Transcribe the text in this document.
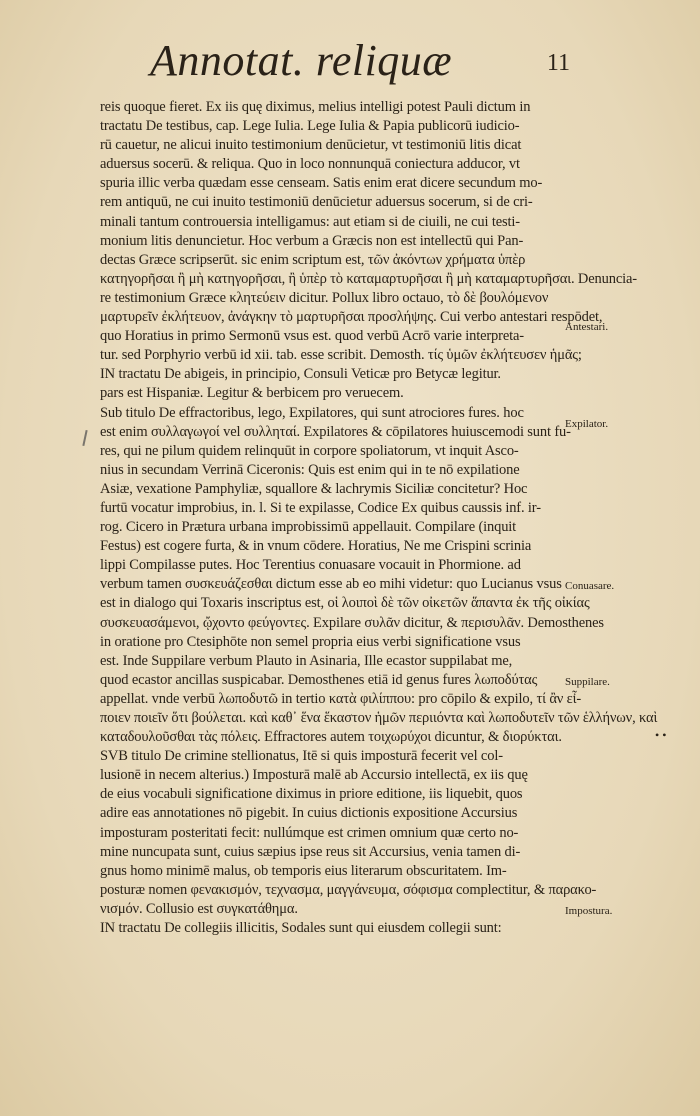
Annotat. reliquæ	11
reis quoque fieret. Ex iis quę diximus, melius intelligi potest Pauli dictum in
tractatu De testibus, cap. Lege Iulia. Lege Iulia & Papia publicorū iudicio-
rū cauetur, ne alicui inuito testimonium denūcietur, vt testimoniū litis dicat
aduersus socerū. & reliqua. Quo in loco nonnunquā coniectura adducor, vt
spuria illic verba quædam esse censeam. Satis enim erat dicere secundum mo-
rem antiquū, ne cui inuito testimoniū denūcietur aduersus socerum, si de cri-
minali tantum controuersia intelligamus: aut etiam si de ciuili, ne cui testi-
monium litis denuncietur. Hoc verbum a Græcis non est intellectū qui Pan-
dectas Græce scripserūt. sic enim scriptum est, τῶν ἀκόντων χρήματα ὑπὲρ
κατηγορῆσαι ἢ μὴ κατηγορῆσαι, ἢ ὑπὲρ τὸ καταμαρτυρῆσαι ἢ μὴ καταμαρτυρῆσαι. Denuncia-
re testimonium Græce κλητεύειν dicitur. Pollux libro octauo, τὸ δὲ βουλόμενον
μαρτυρεῖν ἐκλήτευον, ἀνάγκην τὸ μαρτυρῆσαι προσλήψης. Cui verbo antestari respōdet,
quo Horatius in primo Sermonū vsus est. quod verbū Acrō varie interpreta-
tur. sed Porphyrio verbū id xii. tab. esse scribit. Demosth. τίς ὑμῶν ἐκλήτευσεν ἡμᾶς;
IN tractatu De abigeis, in principio, Consuli Veticæ pro Betycæ legitur.
pars est Hispaniæ. Legitur & berbicem pro veruecem.
Sub titulo De effractoribus, lego, Expilatores, qui sunt atrociores fures. hoc
est enim συλλαγωγοί vel συλληταί. Expilatores & cōpilatores huiuscemodi sunt fu-
res, qui ne pilum quidem relinquūt in corpore spoliatorum, vt inquit Asco-
nius in secundam Verrinā Ciceronis: Quis est enim qui in te nō expilatione
Asiæ, vexatione Pamphyliæ, squallore & lachrymis Siciliæ concitetur? Hoc
furtū vocatur improbius, in. l. Si te expilasse, Codice Ex quibus caussis inf. ir-
rog. Cicero in Prætura urbana improbissimū appellauit. Compilare (inquit
Festus) est cogere furta, & in vnum cōdere. Horatius, Ne me Crispini scrinia
lippi Compilasse putes. Hoc Terentius conuasare vocauit in Phormione. ad
verbum tamen συσκευάζεσθαι dictum esse ab eo mihi videtur: quo Lucianus vsus
est in dialogo qui Toxaris inscriptus est, οἱ λοιποὶ δὲ τῶν οἰκετῶν ἅπαντα ἐκ τῆς οἰκίας
συσκευασάμενοι, ᾤχοντο φεύγοντες. Expilare συλᾶν dicitur, & περισυλᾶν. Demosthenes
in oratione pro Ctesiphōte non semel propria eius verbi significatione vsus
est. Inde Suppilare verbum Plauto in Asinaria, Ille ecastor suppilabat me,
quod ecastor ancillas suspicabar. Demosthenes etiā id genus fures λωποδύτας
appellat. vnde verbū λωποδυτῶ in tertio κατὰ φιλίππου: pro cōpilo & expilo, τί ἂν εἶ-
ποιεν ποιεῖν ὅτι βούλεται. καὶ καθ᾽ ἕνα ἕκαστον ἡμῶν περιιόντα καὶ λωποδυτεῖν τῶν ἑλλήνων, καὶ
καταδουλοῦσθαι τὰς πόλεις. Effractores autem τοιχωρύχοι dicuntur, & διορύκται.
SVB titulo De crimine stellionatus, Itē si quis imposturā fecerit vel col-
lusionē in necem alterius.) Imposturā malē ab Accursio intellectā, ex iis quę
de eius vocabuli significatione diximus in priore editione, iis liquebit, quos
adire eas annotationes nō pigebit. In cuius dictionis expositione Accursius
imposturam posteritati fecit: nullúmque est crimen omnium quæ certo no-
mine nuncupata sunt, cuius sæpius ipse reus sit Accursius, venia tamen di-
gnus homo minimē malus, ob temporis eius literarum obscuritatem. Im-
posturæ nomen φενακισμόν, τεχνασμα, μαγγάνευμα, σόφισμα complectitur, & παρακο-
νισμόν. Collusio est συγκατάθημα.
IN tractatu De collegiis illicitis, Sodales sunt qui eiusdem collegii sunt:
Antestari.
Expilator.
Conuasare.
Suppilare.
Impostura.
• •
